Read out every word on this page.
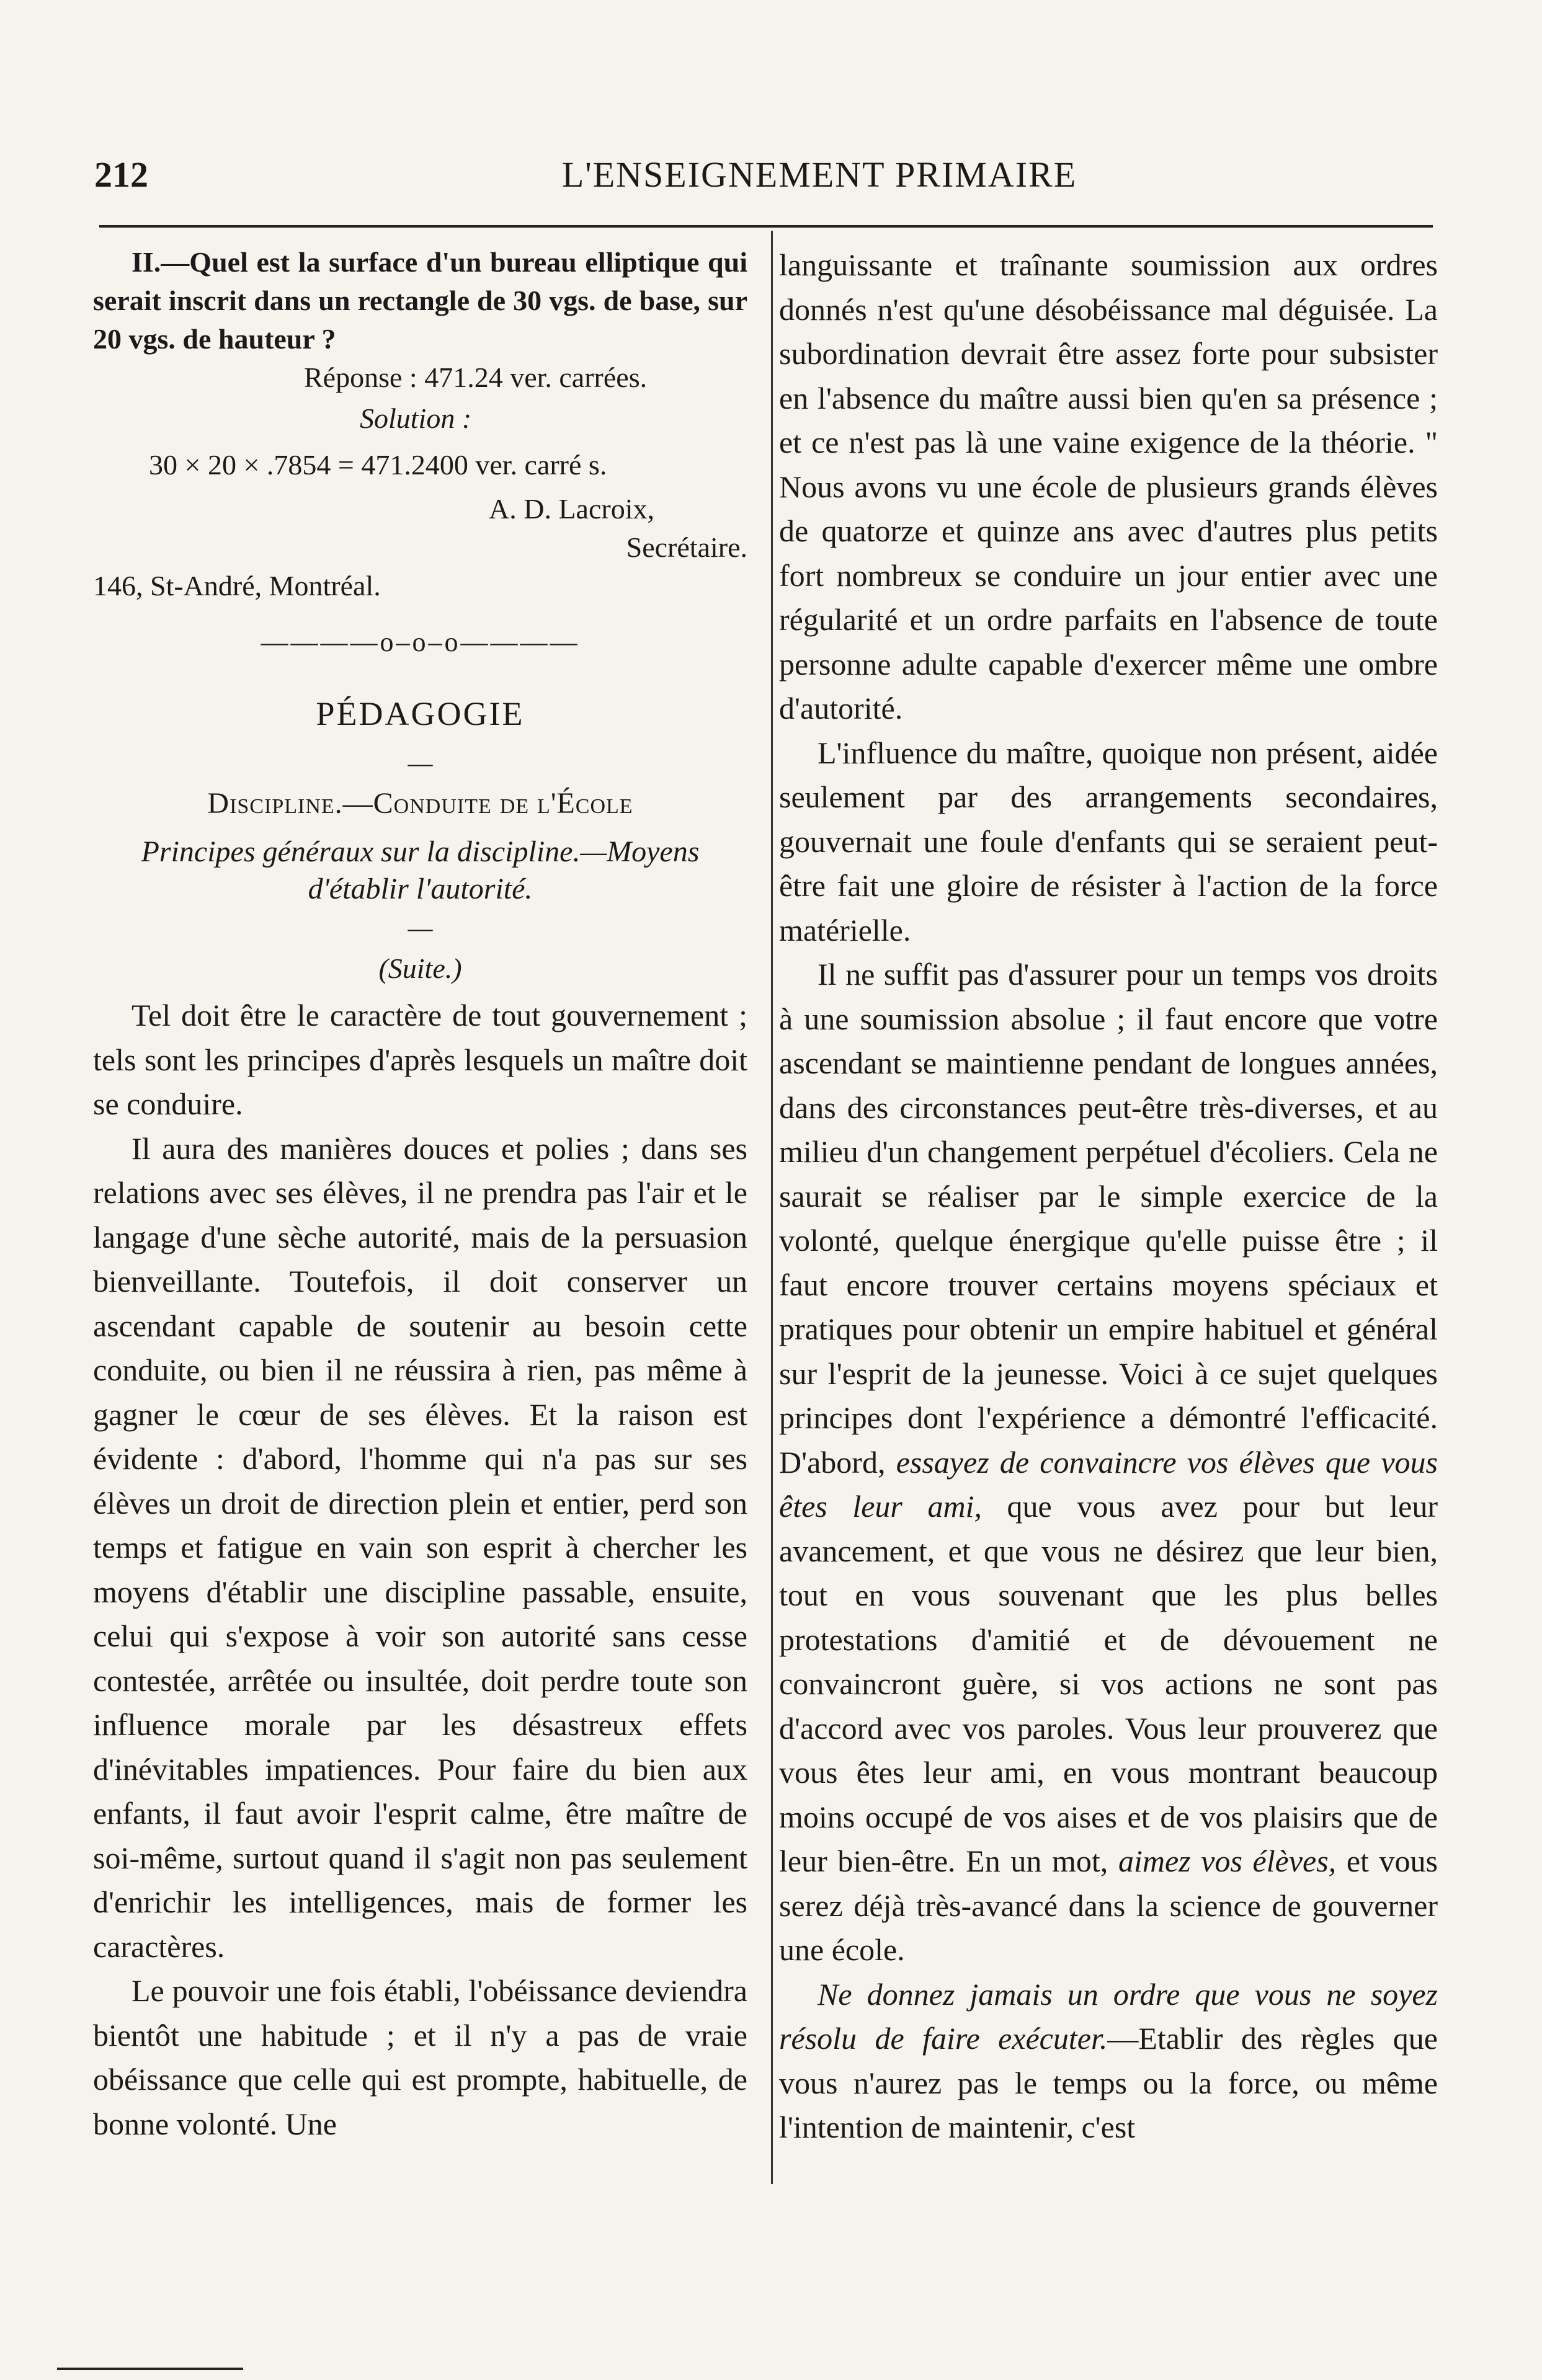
212	L'ENSEIGNEMENT PRIMAIRE

II.—Quel est la surface d'un bureau elliptique qui serait inscrit dans un rectangle de 30 vgs. de base, sur 20 vgs. de hauteur ?

Réponse : 471.24 ver. carrées.

Solution :

30 × 20 × .7854 = 471.2400 ver. carré s.

A. D. Lacroix,

Secrétaire.

146, St-André, Montréal.

————o–o–o————

PÉDAGOGIE

—

Discipline.—Conduite de l'École

Principes généraux sur la discipline.—Moyens d'établir l'autorité.

—

(Suite.)

Tel doit être le caractère de tout gouvernement ; tels sont les principes d'après lesquels un maître doit se conduire.

Il aura des manières douces et polies ; dans ses relations avec ses élèves, il ne prendra pas l'air et le langage d'une sèche autorité, mais de la persuasion bienveillante. Toutefois, il doit conserver un ascendant capable de soutenir au besoin cette conduite, ou bien il ne réussira à rien, pas même à gagner le cœur de ses élèves. Et la raison est évidente : d'abord, l'homme qui n'a pas sur ses élèves un droit de direction plein et entier, perd son temps et fatigue en vain son esprit à chercher les moyens d'établir une discipline passable, ensuite, celui qui s'expose à voir son autorité sans cesse contestée, arrêtée ou insultée, doit perdre toute son influence morale par les désastreux effets d'inévitables impatiences. Pour faire du bien aux enfants, il faut avoir l'esprit calme, être maître de soi-même, surtout quand il s'agit non pas seulement d'enrichir les intelligences, mais de former les caractères.

Le pouvoir une fois établi, l'obéissance deviendra bientôt une habitude ; et il n'y a pas de vraie obéissance que celle qui est prompte, habituelle, de bonne volonté. Une

languissante et traînante soumission aux ordres donnés n'est qu'une désobéissance mal déguisée. La subordination devrait être assez forte pour subsister en l'absence du maître aussi bien qu'en sa présence ; et ce n'est pas là une vaine exigence de la théorie. " Nous avons vu une école de plusieurs grands élèves de quatorze et quinze ans avec d'autres plus petits fort nombreux se conduire un jour entier avec une régularité et un ordre parfaits en l'absence de toute personne adulte capable d'exercer même une ombre d'autorité.

L'influence du maître, quoique non présent, aidée seulement par des arrangements secondaires, gouvernait une foule d'enfants qui se seraient peut-être fait une gloire de résister à l'action de la force matérielle.

Il ne suffit pas d'assurer pour un temps vos droits à une soumission absolue ; il faut encore que votre ascendant se maintienne pendant de longues années, dans des circonstances peut-être très-diverses, et au milieu d'un changement perpétuel d'écoliers. Cela ne saurait se réaliser par le simple exercice de la volonté, quelque énergique qu'elle puisse être ; il faut encore trouver certains moyens spéciaux et pratiques pour obtenir un empire habituel et général sur l'esprit de la jeunesse. Voici à ce sujet quelques principes dont l'expérience a démontré l'efficacité. D'abord, essayez de convaincre vos élèves que vous êtes leur ami, que vous avez pour but leur avancement, et que vous ne désirez que leur bien, tout en vous souvenant que les plus belles protestations d'amitié et de dévouement ne convaincront guère, si vos actions ne sont pas d'accord avec vos paroles. Vous leur prouverez que vous êtes leur ami, en vous montrant beaucoup moins occupé de vos aises et de vos plaisirs que de leur bien-être. En un mot, aimez vos élèves, et vous serez déjà très-avancé dans la science de gouverner une école.

Ne donnez jamais un ordre que vous ne soyez résolu de faire exécuter.—Etablir des règles que vous n'aurez pas le temps ou la force, ou même l'intention de maintenir, c'est
